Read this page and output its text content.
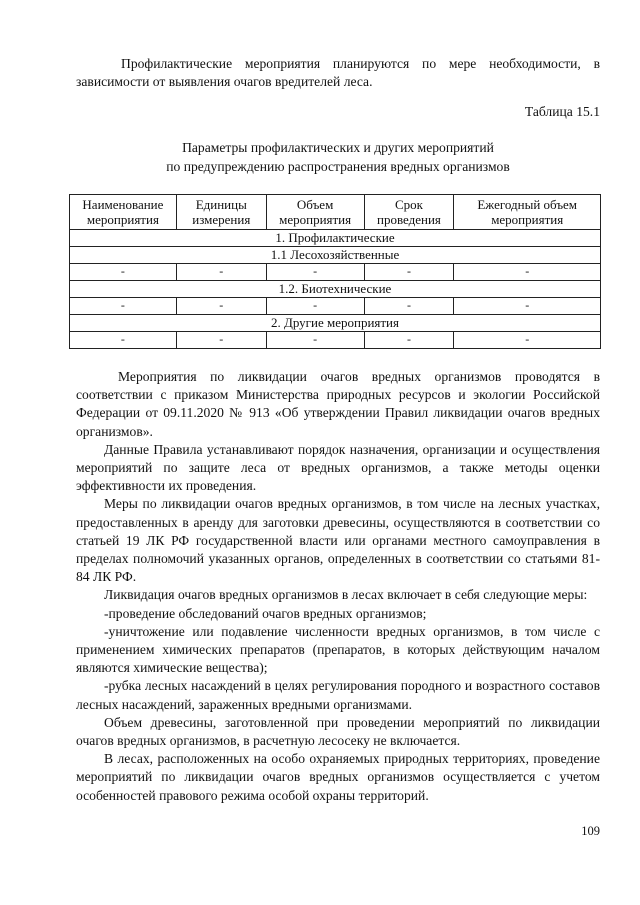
Профилактические мероприятия планируются по мере необходимости, в зависимости от выявления очагов вредителей леса.

Таблица 15.1
Параметры профилактических и других мероприятий
по предупреждению распространения вредных организмов
Наименование мероприятия	Единицы измерения	Объем мероприятия	Срок проведения	Ежегодный объем мероприятия
1. Профилактические				
1.1 Лесохозяйственные				
-	-	-	-	-
1.2. Биотехнические				
-	-	-	-	-
2. Другие мероприятия				
-	-	-	-	-

Мероприятия по ликвидации очагов вредных организмов проводятся в соответствии с приказом Министерства природных ресурсов и экологии Российской Федерации от 09.11.2020 № 913 «Об утверждении Правил ликвидации очагов вредных организмов».

Данные Правила устанавливают порядок назначения, организации и осуществления мероприятий по защите леса от вредных организмов, а также методы оценки эффективности их проведения.

Меры по ликвидации очагов вредных организмов, в том числе на лесных участках, предоставленных в аренду для заготовки древесины, осуществляются в соответствии со статьей 19 ЛК РФ государственной власти или органами местного самоуправления в пределах полномочий указанных органов, определенных в соответствии со статьями 81-84 ЛК РФ.

Ликвидация очагов вредных организмов в лесах включает в себя следующие меры:

-проведение обследований очагов вредных организмов;

-уничтожение или подавление численности вредных организмов, в том числе с применением химических препаратов (препаратов, в которых действующим началом являются химические вещества);

-рубка лесных насаждений в целях регулирования породного и возрастного составов лесных насаждений, зараженных вредными организмами.

Объем древесины, заготовленной при проведении мероприятий по ликвидации очагов вредных организмов, в расчетную лесосеку не включается.

В лесах, расположенных на особо охраняемых природных территориях, проведение мероприятий по ликвидации очагов вредных организмов осуществляется с учетом особенностей правового режима особой охраны территорий.

109
